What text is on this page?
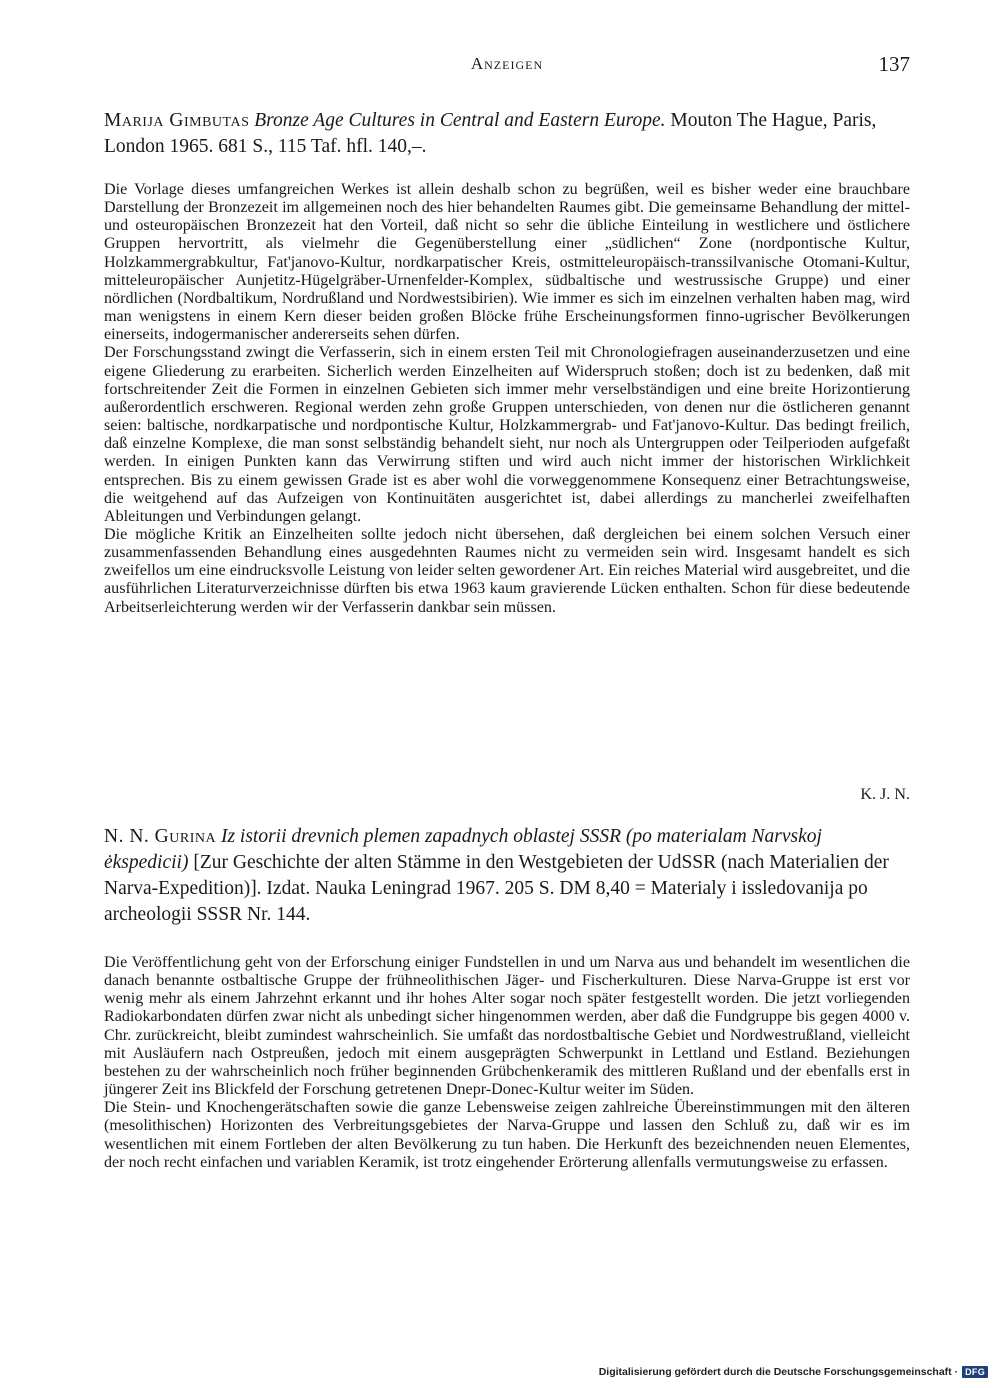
Anzeigen	137

Marija Gimbutas Bronze Age Cultures in Central and Eastern Europe. Mouton The Hague, Paris, London 1965. 681 S., 115 Taf. hfl. 140,–.

Die Vorlage dieses umfangreichen Werkes ist allein deshalb schon zu begrüßen, weil es bisher weder eine brauchbare Darstellung der Bronzezeit im allgemeinen noch des hier behandelten Raumes gibt. Die gemeinsame Behandlung der mittel- und osteuropäischen Bronzezeit hat den Vorteil, daß nicht so sehr die übliche Einteilung in westlichere und östlichere Gruppen hervortritt, als vielmehr die Gegenüberstellung einer „südlichen“ Zone (nordpontische Kultur, Holzkammergrabkultur, Fat'janovo-Kultur, nordkarpatischer Kreis, ostmitteleuropäisch-transsilvanische Otomani-Kultur, mitteleuropäischer Aunjetitz-Hügelgräber-Urnenfelder-Komplex, südbaltische und westrussische Gruppe) und einer nördlichen (Nordbaltikum, Nordrußland und Nordwestsibirien). Wie immer es sich im einzelnen verhalten haben mag, wird man wenigstens in einem Kern dieser beiden großen Blöcke frühe Erscheinungsformen finno-ugrischer Bevölkerungen einerseits, indogermanischer andererseits sehen dürfen.

Der Forschungsstand zwingt die Verfasserin, sich in einem ersten Teil mit Chronologiefragen auseinanderzusetzen und eine eigene Gliederung zu erarbeiten. Sicherlich werden Einzelheiten auf Widerspruch stoßen; doch ist zu bedenken, daß mit fortschreitender Zeit die Formen in einzelnen Gebieten sich immer mehr verselbständigen und eine breite Horizontierung außerordentlich erschweren. Regional werden zehn große Gruppen unterschieden, von denen nur die östlicheren genannt seien: baltische, nordkarpatische und nordpontische Kultur, Holzkammergrab- und Fat'janovo-Kultur. Das bedingt freilich, daß einzelne Komplexe, die man sonst selbständig behandelt sieht, nur noch als Untergruppen oder Teilperioden aufgefaßt werden. In einigen Punkten kann das Verwirrung stiften und wird auch nicht immer der historischen Wirklichkeit entsprechen. Bis zu einem gewissen Grade ist es aber wohl die vorweggenommene Konsequenz einer Betrachtungsweise, die weitgehend auf das Aufzeigen von Kontinuitäten ausgerichtet ist, dabei allerdings zu mancherlei zweifelhaften Ableitungen und Verbindungen gelangt.

Die mögliche Kritik an Einzelheiten sollte jedoch nicht übersehen, daß dergleichen bei einem solchen Versuch einer zusammenfassenden Behandlung eines ausgedehnten Raumes nicht zu vermeiden sein wird. Insgesamt handelt es sich zweifellos um eine eindrucksvolle Leistung von leider selten gewordener Art. Ein reiches Material wird ausgebreitet, und die ausführlichen Literaturverzeichnisse dürften bis etwa 1963 kaum gravierende Lücken enthalten. Schon für diese bedeutende Arbeitserleichterung werden wir der Verfasserin dankbar sein müssen.

K. J. N.

N. N. Gurina Iz istorii drevnich plemen zapadnych oblastej SSSR (po materialam Narvskoj ėkspedicii) [Zur Geschichte der alten Stämme in den Westgebieten der UdSSR (nach Materialien der Narva-Expedition)]. Izdat. Nauka Leningrad 1967. 205 S. DM 8,40 = Materialy i issledovanija po archeologii SSSR Nr. 144.

Die Veröffentlichung geht von der Erforschung einiger Fundstellen in und um Narva aus und behandelt im wesentlichen die danach benannte ostbaltische Gruppe der frühneolithischen Jäger- und Fischerkulturen. Diese Narva-Gruppe ist erst vor wenig mehr als einem Jahrzehnt erkannt und ihr hohes Alter sogar noch später festgestellt worden. Die jetzt vorliegenden Radiokarbondaten dürfen zwar nicht als unbedingt sicher hingenommen werden, aber daß die Fundgruppe bis gegen 4000 v. Chr. zurückreicht, bleibt zumindest wahrscheinlich. Sie umfaßt das nordostbaltische Gebiet und Nordwestrußland, vielleicht mit Ausläufern nach Ostpreußen, jedoch mit einem ausgeprägten Schwerpunkt in Lettland und Estland. Beziehungen bestehen zu der wahrscheinlich noch früher beginnenden Grübchenkeramik des mittleren Rußland und der ebenfalls erst in jüngerer Zeit ins Blickfeld der Forschung getretenen Dnepr-Donec-Kultur weiter im Süden.

Die Stein- und Knochengerätschaften sowie die ganze Lebensweise zeigen zahlreiche Übereinstimmungen mit den älteren (mesolithischen) Horizonten des Verbreitungsgebietes der Narva-Gruppe und lassen den Schluß zu, daß wir es im wesentlichen mit einem Fortleben der alten Bevölkerung zu tun haben. Die Herkunft des bezeichnenden neuen Elementes, der noch recht einfachen und variablen Keramik, ist trotz eingehender Erörterung allenfalls vermutungsweise zu erfassen.

Digitalisierung gefördert durch die Deutsche Forschungsgemeinschaft · DFG
